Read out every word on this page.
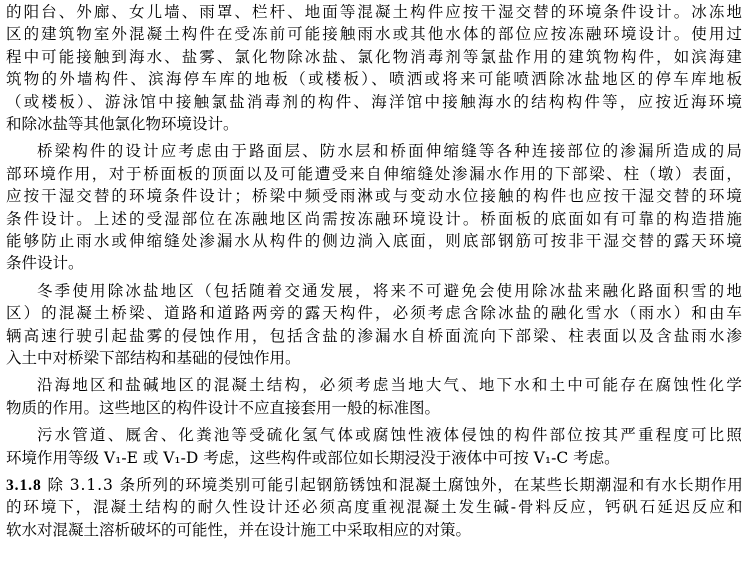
的阳台、外廊、女儿墙、雨罩、栏杆、地面等混凝土构件应按干湿交替的环境条件设计。冰冻地
区的建筑物室外混凝土构件在受冻前可能接触雨水或其他水体的部位应按冻融环境设计。使用过
程中可能接触到海水、盐雾、氯化物除冰盐、氯化物消毒剂等氯盐作用的建筑物构件，如滨海建
筑物的外墙构件、滨海停车库的地板（或楼板）、喷洒或将来可能喷洒除冰盐地区的停车库地板
（或楼板）、游泳馆中接触氯盐消毒剂的构件、海洋馆中接触海水的结构构件等，应按近海环境
和除冰盐等其他氯化物环境设计。
桥梁构件的设计应考虑由于路面层、防水层和桥面伸缩缝等各种连接部位的渗漏所造成的局
部环境作用，对于桥面板的顶面以及可能遭受来自伸缩缝处渗漏水作用的下部梁、柱（墩）表面，
应按干湿交替的环境条件设计；桥梁中频受雨淋或与变动水位接触的构件也应按干湿交替的环境
条件设计。上述的受湿部位在冻融地区尚需按冻融环境设计。桥面板的底面如有可靠的构造措施
能够防止雨水或伸缩缝处渗漏水从构件的侧边淌入底面，则底部钢筋可按非干湿交替的露天环境
条件设计。
冬季使用除冰盐地区（包括随着交通发展，将来不可避免会使用除冰盐来融化路面积雪的地
区）的混凝土桥梁、道路和道路两旁的露天构件，必须考虑含除冰盐的融化雪水（雨水）和由车
辆高速行驶引起盐雾的侵蚀作用，包括含盐的渗漏水自桥面流向下部梁、柱表面以及含盐雨水渗
入土中对桥梁下部结构和基础的侵蚀作用。
沿海地区和盐碱地区的混凝土结构，必须考虑当地大气、地下水和土中可能存在腐蚀性化学
物质的作用。这些地区的构件设计不应直接套用一般的标准图。
污水管道、厩舍、化粪池等受硫化氢气体或腐蚀性液体侵蚀的构件部位按其严重程度可比照
环境作用等级 V₁-E 或 V₁-D 考虑，这些构件或部位如长期浸没于液体中可按 V₁-C 考虑。
3.1.8 除 3.1.3 条所列的环境类别可能引起钢筋锈蚀和混凝土腐蚀外，在某些长期潮湿和有水长期作用
的环境下，混凝土结构的耐久性设计还必须高度重视混凝土发生碱-骨料反应，钙矾石延迟反应和
软水对混凝土溶析破坏的可能性，并在设计施工中采取相应的对策。
